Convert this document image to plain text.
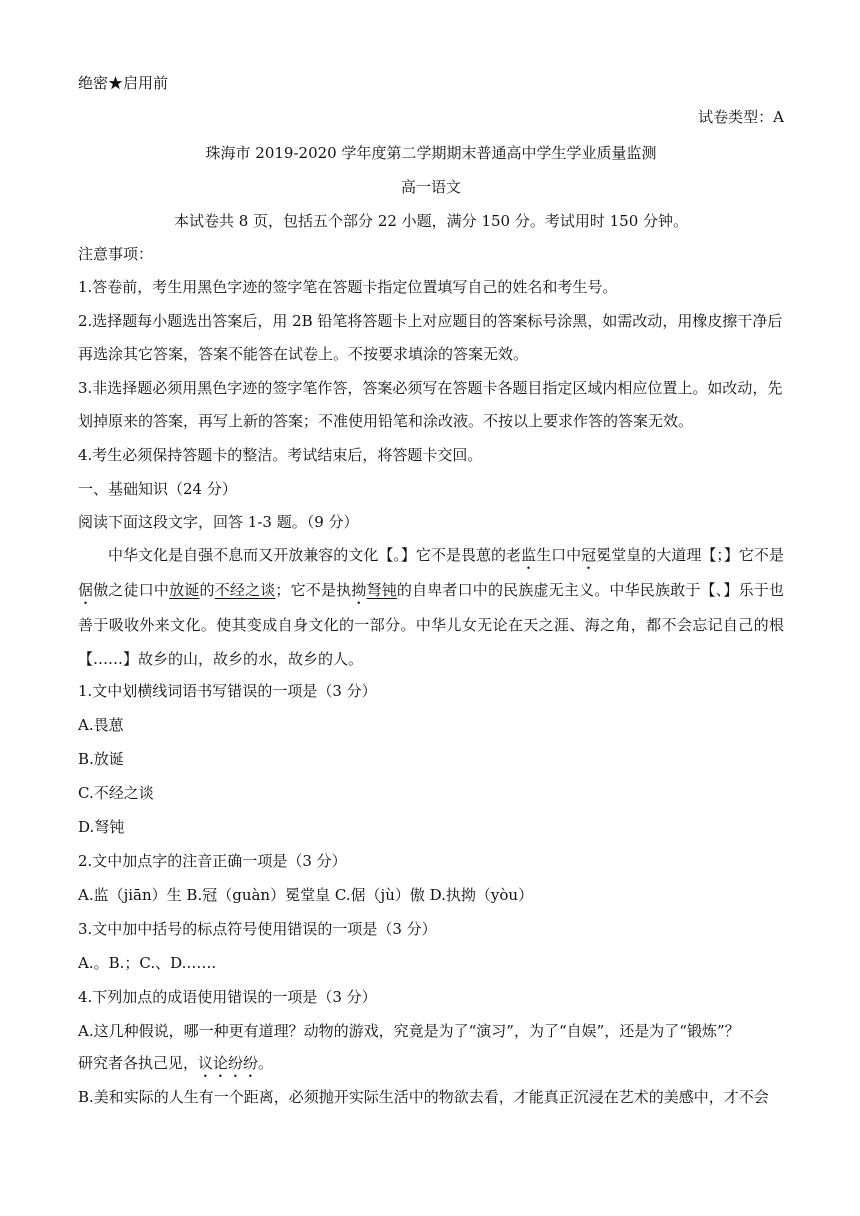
绝密★启用前
试卷类型：A
珠海市 2019-2020 学年度第二学期期末普通高中学生学业质量监测
高一语文
本试卷共 8 页，包括五个部分 22 小题，满分 150 分。考试用时 150 分钟。
注意事项：
1.答卷前，考生用黑色字迹的签字笔在答题卡指定位置填写自己的姓名和考生号。
2.选择题每小题选出答案后，用 2B 铅笔将答题卡上对应题目的答案标号涂黑，如需改动，用橡皮擦干净后
再选涂其它答案，答案不能答在试卷上。不按要求填涂的答案无效。
3.非选择题必须用黑色字迹的签字笔作答，答案必须写在答题卡各题目指定区域内相应位置上。如改动，先
划掉原来的答案，再写上新的答案；不准使用铅笔和涂改液。不按以上要求作答的答案无效。
4.考生必须保持答题卡的整洁。考试结束后，将答题卡交回。
一、基础知识（24 分）
阅读下面这段文字，回答 1-3 题。（9 分）
中华文化是自强不息而又开放兼容的文化【。】它不是畏葸的老监生口中冠冕堂皇的大道理【；】它不是倨傲之徒口中放诞的不经之谈；它不是执拗弩钝的自卑者口中的民族虚无主义。中华民族敢于【、】乐于也善于吸收外来文化。使其变成自身文化的一部分。中华儿女无论在天之涯、海之角，都不会忘记自己的根【……】故乡的山，故乡的水，故乡的人。
1.文中划横线词语书写错误的一项是（3 分）
A.畏葸
B.放诞
C.不经之谈
D.弩钝
2.文中加点字的注音正确一项是（3 分）
A.监（jiān）生 B.冠（guàn）冕堂皇 C.倨（jù）傲 D.执拗（yòu）
3.文中加中括号的标点符号使用错误的一项是（3 分）
A.。B.；C.、D.……
4.下列加点的成语使用错误的一项是（3 分）
A.这几种假说，哪一种更有道理？动物的游戏，究竟是为了“演习”，为了“自娱”，还是为了“锻炼”？
研究者各执己见，议论纷纷。
B.美和实际的人生有一个距离，必须抛开实际生活中的物欲去看，才能真正沉浸在艺术的美感中，才不会
